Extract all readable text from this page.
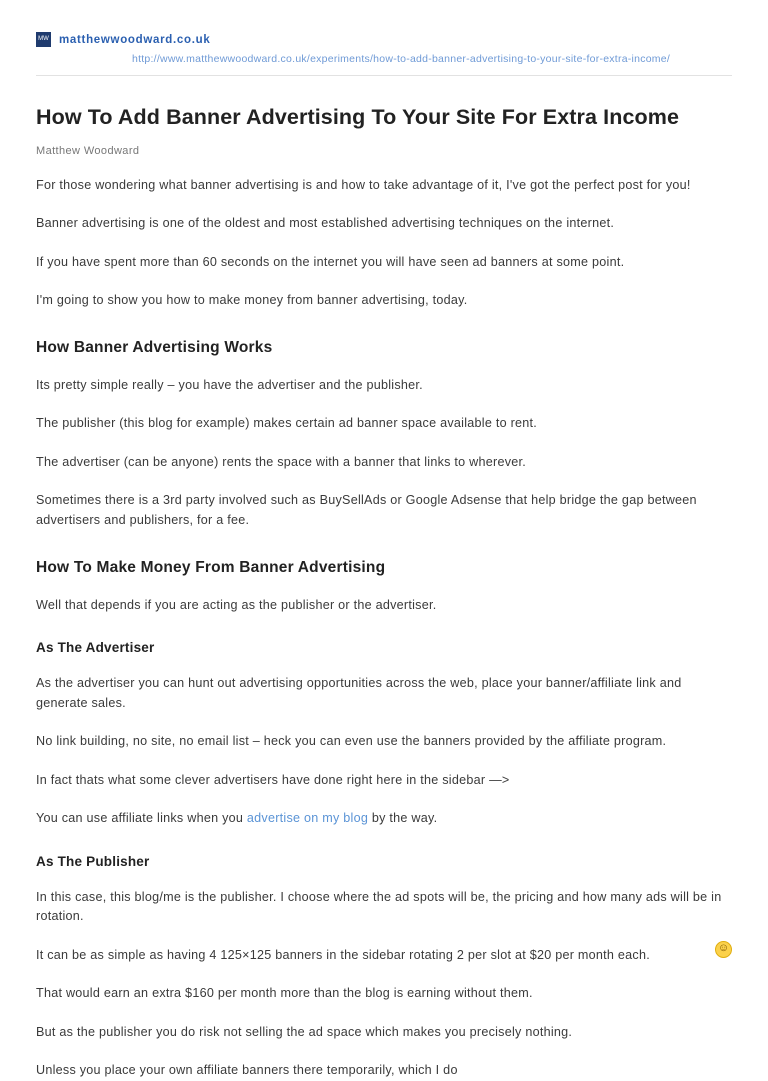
MW matthewwoodward.co.uk
http://www.matthewwoodward.co.uk/experiments/how-to-add-banner-advertising-to-your-site-for-extra-income/
How To Add Banner Advertising To Your Site For Extra Income
Matthew Woodward

For those wondering what banner advertising is and how to take advantage of it, I've got the perfect post for you!

Banner advertising is one of the oldest and most established advertising techniques on the internet.

If you have spent more than 60 seconds on the internet you will have seen ad banners at some point.

I'm going to show you how to make money from banner advertising, today.

How Banner Advertising Works

Its pretty simple really – you have the advertiser and the publisher.

The publisher (this blog for example) makes certain ad banner space available to rent.

The advertiser (can be anyone) rents the space with a banner that links to wherever.

Sometimes there is a 3rd party involved such as BuySellAds or Google Adsense that help bridge the gap between advertisers and publishers, for a fee.

How To Make Money From Banner Advertising

Well that depends if you are acting as the publisher or the advertiser.

As The Advertiser

As the advertiser you can hunt out advertising opportunities across the web, place your banner/affiliate link and generate sales.

No link building, no site, no email list – heck you can even use the banners provided by the affiliate program.

In fact thats what some clever advertisers have done right here in the sidebar —>

You can use affiliate links when you advertise on my blog by the way.

As The Publisher

In this case, this blog/me is the publisher. I choose where the ad spots will be, the pricing and how many ads will be in rotation.

It can be as simple as having 4 125×125 banners in the sidebar rotating 2 per slot at $20 per month each.

That would earn an extra $160 per month more than the blog is earning without them.

But as the publisher you do risk not selling the ad space which makes you precisely nothing.

Unless you place your own affiliate banners there temporarily, which I do

☺
